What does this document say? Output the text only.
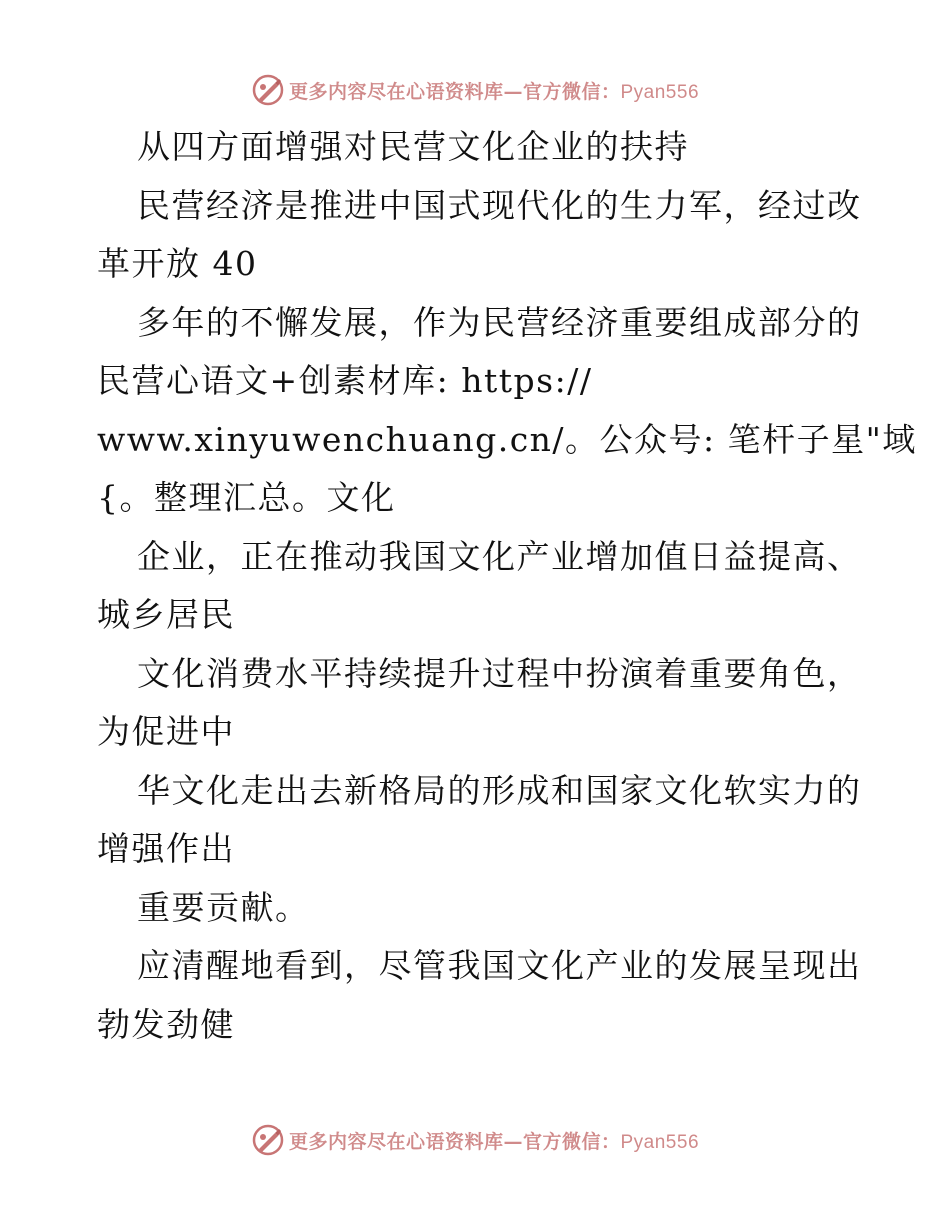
更多内容尽在心语资料库—官方微信：Pyan556
从四方面增强对民营文化企业的扶持
民营经济是推进中国式现代化的生力军，经过改
革开放 40
多年的不懈发展，作为民营经济重要组成部分的
民营心语文+创素材库: https://
www.xinyuwenchuang.cn/。公众号: 笔杆子星"域
{。整理汇总。文化
企业，正在推动我国文化产业增加值日益提高、
城乡居民
文化消费水平持续提升过程中扮演着重要角色，
为促进中
华文化走出去新格局的形成和国家文化软实力的
增强作出
重要贡献。
应清醒地看到，尽管我国文化产业的发展呈现出
勃发劲健
更多内容尽在心语资料库—官方微信：Pyan556
